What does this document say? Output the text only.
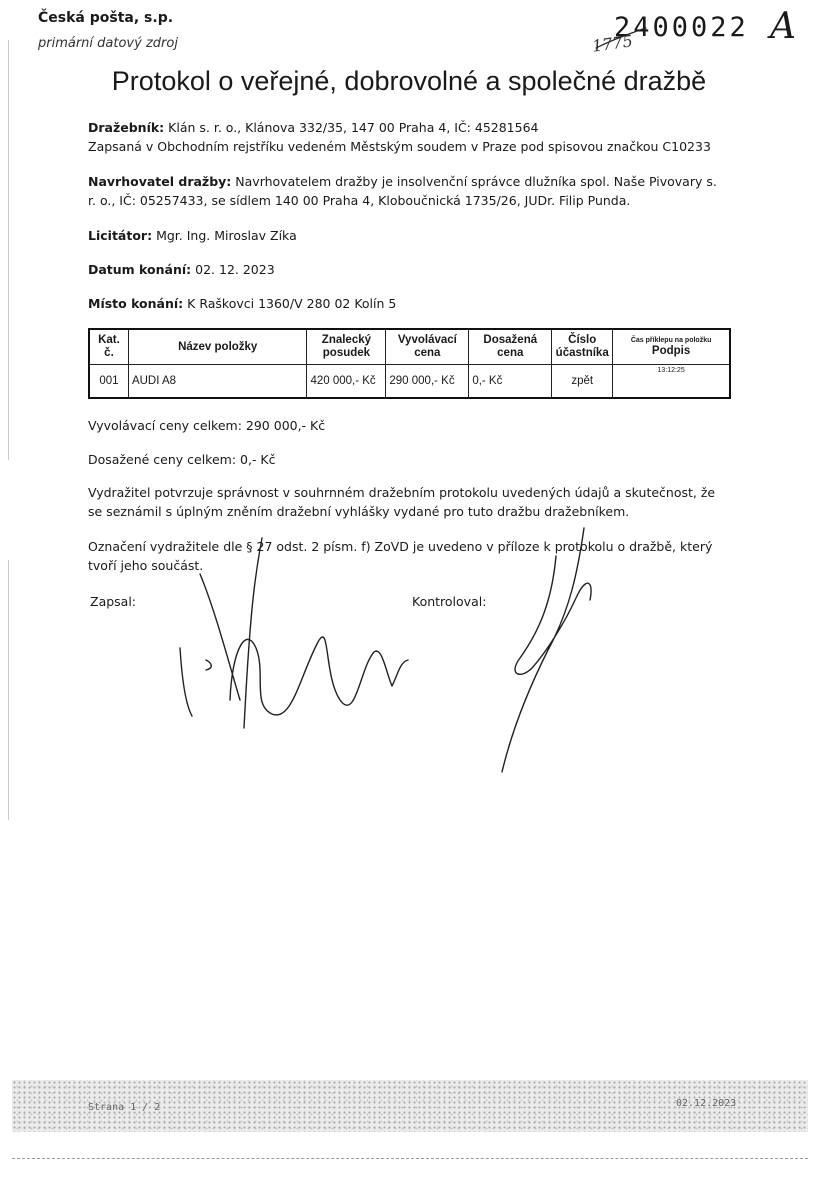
Česká pošta, s.p.
primární datový zdroj
2400022 A
1775
Protokol o veřejné, dobrovolné a společné dražbě
Dražebník: Klán s. r. o., Klánova 332/35, 147 00 Praha 4, IČ: 45281564
Zapsaná v Obchodním rejstříku vedeném Městským soudem v Praze pod spisovou značkou C10233
Navrhovatel dražby: Navrhovatelem dražby je insolvenční správce dlužníka spol. Naše Pivovary s. r. o., IČ: 05257433, se sídlem 140 00 Praha 4, Kloboučnická 1735/26, JUDr. Filip Punda.
Licitátor: Mgr. Ing. Miroslav Zíka
Datum konání: 02. 12. 2023
Místo konání: K Raškovci 1360/V 280 02 Kolín 5
Kat. č.	Název položky	Znalecký posudek	Vyvolávací cena	Dosažená cena	Číslo účastníka	Čas příklepu na položku
Podpis
001	AUDI A8	420 000,- Kč	290 000,- Kč	0,- Kč	zpět	13:12:25
Vyvolávací ceny celkem: 290 000,- Kč
Dosažené ceny celkem: 0,- Kč
Vydražitel potvrzuje správnost v souhrnném dražebním protokolu uvedených údajů a skutečnost, že se seznámil s úplným zněním dražební vyhlášky vydané pro tuto dražbu dražebníkem.
Označení vydražitele dle § 27 odst. 2 písm. f) ZoVD je uvedeno v příloze k protokolu o dražbě, který tvoří jeho součást.
Zapsal:	Kontroloval:
Strana 1 / 2	02.12.2023
